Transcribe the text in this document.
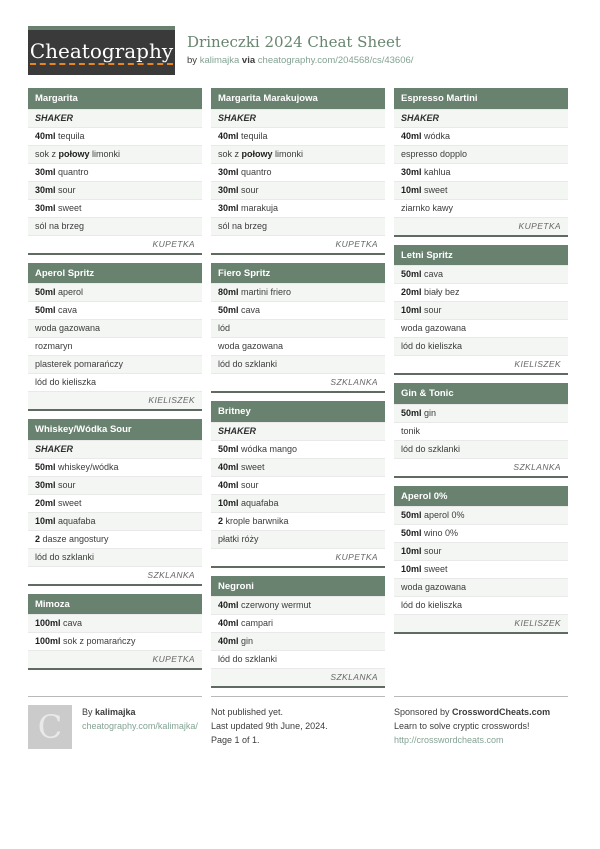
Cheatography Drineczki 2024 Cheat Sheet
by kalimajka via cheatography.com/204568/cs/43606/
Margarita
SHAKER
40ml tequila
sok z połowy limonki
30ml quantro
30ml sour
30ml sweet
sól na brzeg
KUPETKA
Aperol Spritz
50ml aperol
50ml cava
woda gazowana
rozmaryn
plasterek pomarańczy
lód do kieliszka
KIELISZEK
Whiskey/Wódka Sour
SHAKER
50ml whiskey/wódka
30ml sour
20ml sweet
10ml aquafaba
2 dasze angostury
lód do szklanki
SZKLANKA
Mimoza
100ml cava
100ml sok z pomarańczy
KUPETKA
Margarita Marakujowa
SHAKER
40ml tequila
sok z połowy limonki
30ml quantro
30ml sour
30ml marakuja
sól na brzeg
KUPETKA
Fiero Spritz
80ml martini friero
50ml cava
lód
woda gazowana
lód do szklanki
SZKLANKA
Britney
SHAKER
50ml wódka mango
40ml sweet
40ml sour
10ml aquafaba
2 krople barwnika
płatki róży
KUPETKA
Negroni
40ml czerwony wermut
40ml campari
40ml gin
lód do szklanki
SZKLANKA
Espresso Martini
SHAKER
40ml wódka
espresso dopplo
30ml kahlua
10ml sweet
ziarnko kawy
KUPETKA
Letni Spritz
50ml cava
20ml biały bez
10ml sour
woda gazowana
lód do kieliszka
KIELISZEK
Gin & Tonic
50ml gin
tonik
lód do szklanki
SZKLANKA
Aperol 0%
50ml aperol 0%
50ml wino 0%
10ml sour
10ml sweet
woda gazowana
lód do kieliszka
KIELISZEK
C	By kalimajka
cheatography.com/kalimajka/
Not published yet.
Last updated 9th June, 2024.
Page 1 of 1.
Sponsored by CrosswordCheats.com
Learn to solve cryptic crosswords!
http://crosswordcheats.com
